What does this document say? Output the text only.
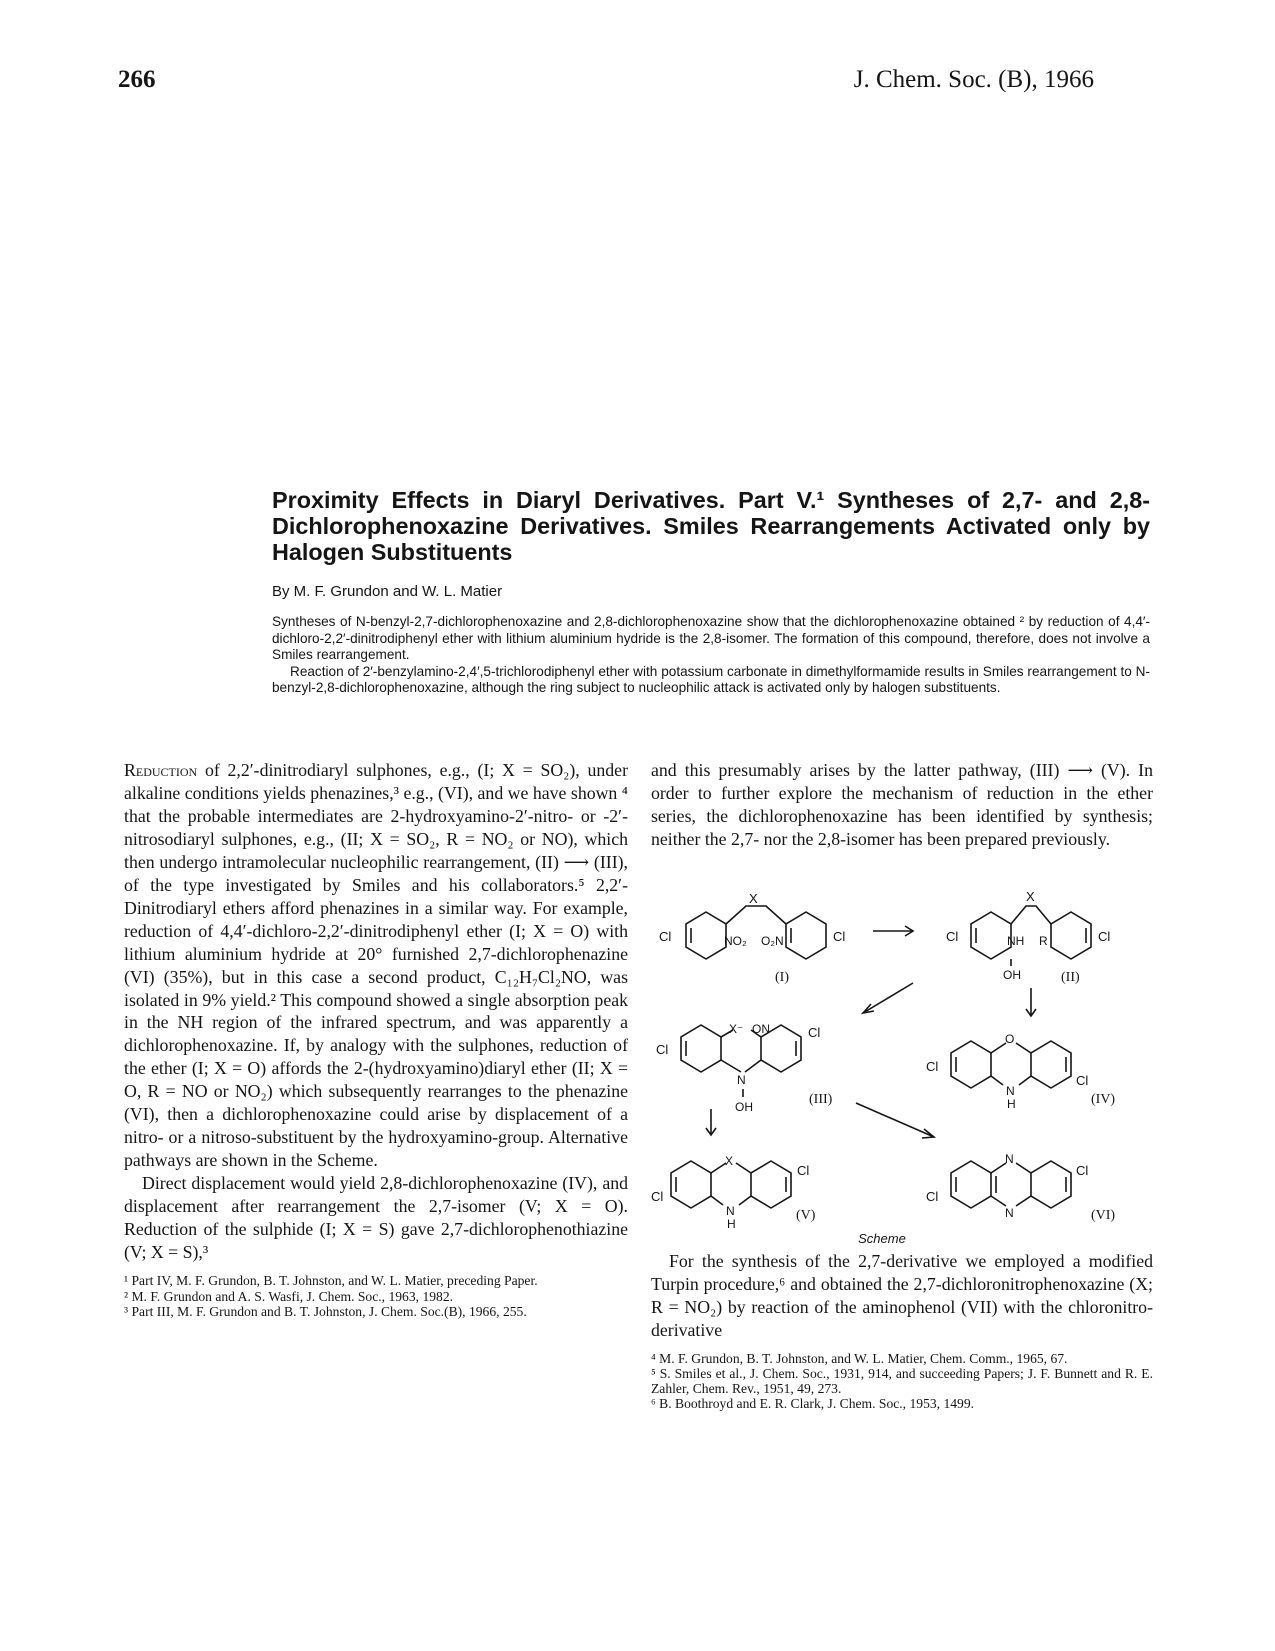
266	J. Chem. Soc. (B), 1966
Proximity Effects in Diaryl Derivatives. Part V.¹ Syntheses of 2,7- and 2,8-Dichlorophenoxazine Derivatives. Smiles Rearrangements Activated only by Halogen Substituents
By M. F. Grundon and W. L. Matier

Syntheses of N-benzyl-2,7-dichlorophenoxazine and 2,8-dichlorophenoxazine show that the dichlorophenoxazine obtained ² by reduction of 4,4′-dichloro-2,2′-dinitrodiphenyl ether with lithium aluminium hydride is the 2,8-isomer. The formation of this compound, therefore, does not involve a Smiles rearrangement.

Reaction of 2′-benzylamino-2,4′,5-trichlorodiphenyl ether with potassium carbonate in dimethylformamide results in Smiles rearrangement to N-benzyl-2,8-dichlorophenoxazine, although the ring subject to nucleophilic attack is activated only by halogen substituents.

Reduction of 2,2′-dinitrodiaryl sulphones, e.g., (I; X = SO₂), under alkaline conditions yields phenazines,³ e.g., (VI), and we have shown ⁴ that the probable intermediates are 2-hydroxyamino-2′-nitro- or -2′-nitrosodiaryl sulphones, e.g., (II; X = SO₂, R = NO₂ or NO), which then undergo intramolecular nucleophilic rearrangement, (II) ⟶ (III), of the type investigated by Smiles and his collaborators.⁵ 2,2′-Dinitrodiaryl ethers afford phenazines in a similar way. For example, reduction of 4,4′-dichloro-2,2′-dinitrodiphenyl ether (I; X = O) with lithium aluminium hydride at 20° furnished 2,7-dichlorophenazine (VI) (35%), but in this case a second product, C₁₂H₇Cl₂NO, was isolated in 9% yield.² This compound showed a single absorption peak in the NH region of the infrared spectrum, and was apparently a dichlorophenoxazine. If, by analogy with the sulphones, reduction of the ether (I; X = O) affords the 2-(hydroxyamino)diaryl ether (II; X = O, R = NO or NO₂) which subsequently rearranges to the phenazine (VI), then a dichlorophenoxazine could arise by displacement of a nitro- or a nitroso-substituent by the hydroxyamino-group. Alternative pathways are shown in the Scheme.

Direct displacement would yield 2,8-dichlorophenoxazine (IV), and displacement after rearrangement the 2,7-isomer (V; X = O). Reduction of the sulphide (I; X = S) gave 2,7-dichlorophenothiazine (V; X = S),³

¹ Part IV, M. F. Grundon, B. T. Johnston, and W. L. Matier, preceding Paper.

² M. F. Grundon and A. S. Wasfi, J. Chem. Soc., 1963, 1982.

³ Part III, M. F. Grundon and B. T. Johnston, J. Chem. Soc.(B), 1966, 255.

and this presumably arises by the latter pathway, (III) ⟶ (V). In order to further explore the mechanism of reduction in the ether series, the dichlorophenoxazine has been identified by synthesis; neither the 2,7- nor the 2,8-isomer has been prepared previously.

X
Cl	NO₂ O₂N	Cl
(I)
X
Cl	NH R	Cl
OH	(II)
Cl
X⁻ ON	Cl
N
OH	(III)
O
Cl
Cl
N
H	(IV)
X
Cl
Cl
N
H
(V)
N
Cl
Cl
N	(VI)
Scheme

For the synthesis of the 2,7-derivative we employed a modified Turpin procedure,⁶ and obtained the 2,7-dichloronitrophenoxazine (X; R = NO₂) by reaction of the aminophenol (VII) with the chloronitro-derivative

⁴ M. F. Grundon, B. T. Johnston, and W. L. Matier, Chem. Comm., 1965, 67.

⁵ S. Smiles et al., J. Chem. Soc., 1931, 914, and succeeding Papers; J. F. Bunnett and R. E. Zahler, Chem. Rev., 1951, 49, 273.

⁶ B. Boothroyd and E. R. Clark, J. Chem. Soc., 1953, 1499.
